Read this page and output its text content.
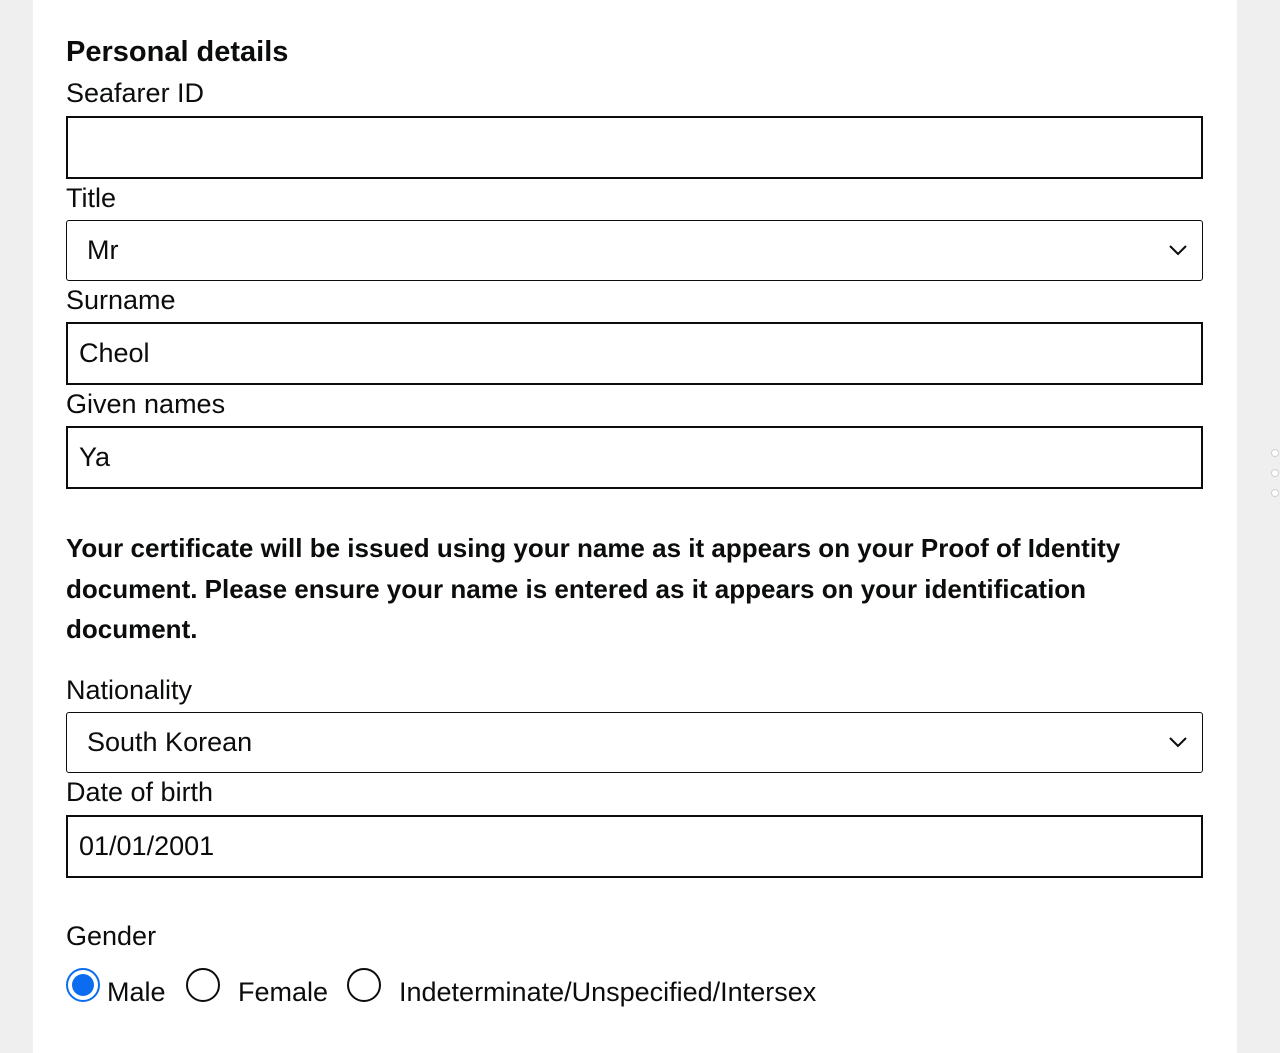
Personal details
Seafarer ID
Title
Mr
Surname
Cheol
Given names
Ya

Your certificate will be issued using your name as it appears on your Proof of Identity document. Please ensure your name is entered as it appears on your identification document.

Nationality
South Korean
Date of birth
01/01/2001
Gender
Male	Female	Indeterminate/Unspecified/Intersex
